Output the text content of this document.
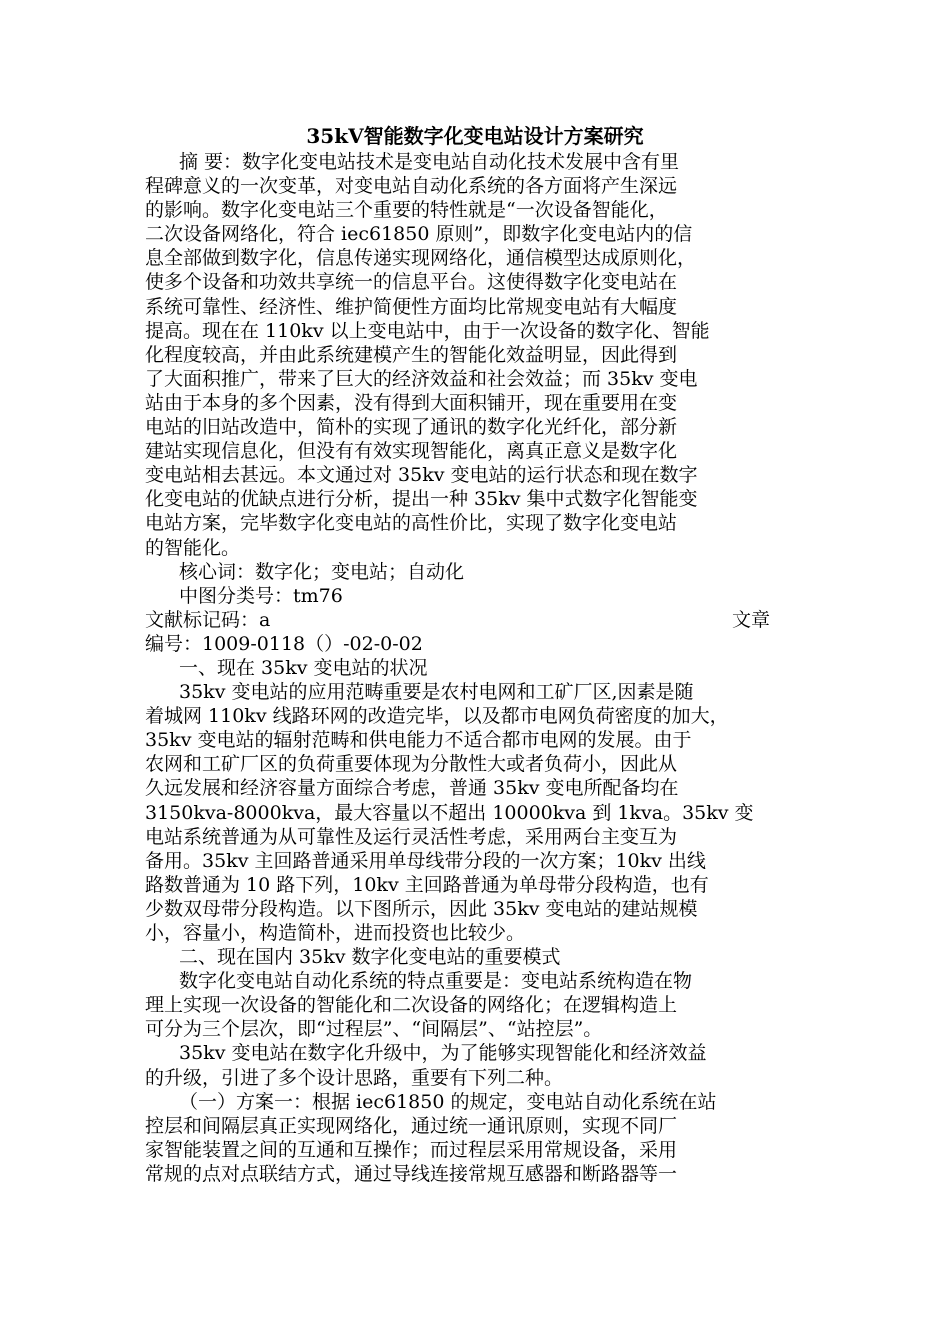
35kV智能数字化变电站设计方案研究
摘 要：数字化变电站技术是变电站自动化技术发展中含有里
程碑意义的一次变革，对变电站自动化系统的各方面将产生深远
的影响。数字化变电站三个重要的特性就是“一次设备智能化，
二次设备网络化，符合 iec61850 原则”，即数字化变电站内的信
息全部做到数字化，信息传递实现网络化，通信模型达成原则化，
使多个设备和功效共享统一的信息平台。这使得数字化变电站在
系统可靠性、经济性、维护简便性方面均比常规变电站有大幅度
提高。现在在 110kv 以上变电站中，由于一次设备的数字化、智能
化程度较高，并由此系统建模产生的智能化效益明显，因此得到
了大面积推广，带来了巨大的经济效益和社会效益；而 35kv 变电
站由于本身的多个因素，没有得到大面积铺开，现在重要用在变
电站的旧站改造中，简朴的实现了通讯的数字化光纤化，部分新
建站实现信息化，但没有有效实现智能化，离真正意义是数字化
变电站相去甚远。本文通过对 35kv 变电站的运行状态和现在数字
化变电站的优缺点进行分析，提出一种 35kv 集中式数字化智能变
电站方案，完毕数字化变电站的高性价比，实现了数字化变电站
的智能化。
核心词：数字化；变电站；自动化
中图分类号：tm76
文献标记码：a	文章
编号：1009-0118（）-02-0-02
一、现在 35kv 变电站的状况
35kv 变电站的应用范畴重要是农村电网和工矿厂区,因素是随
着城网 110kv 线路环网的改造完毕，以及都市电网负荷密度的加大，
35kv 变电站的辐射范畴和供电能力不适合都市电网的发展。由于
农网和工矿厂区的负荷重要体现为分散性大或者负荷小，因此从
久远发展和经济容量方面综合考虑，普通 35kv 变电所配备均在
3150kva-8000kva，最大容量以不超出 10000kva 到 1kva。35kv 变
电站系统普通为从可靠性及运行灵活性考虑，采用两台主变互为
备用。35kv 主回路普通采用单母线带分段的一次方案；10kv 出线
路数普通为 10 路下列，10kv 主回路普通为单母带分段构造，也有
少数双母带分段构造。以下图所示，因此 35kv 变电站的建站规模
小，容量小，构造简朴，进而投资也比较少。
二、现在国内 35kv 数字化变电站的重要模式
数字化变电站自动化系统的特点重要是：变电站系统构造在物
理上实现一次设备的智能化和二次设备的网络化；在逻辑构造上
可分为三个层次，即“过程层”、“间隔层”、“站控层”。
35kv 变电站在数字化升级中，为了能够实现智能化和经济效益
的升级，引进了多个设计思路，重要有下列二种。
（一）方案一：根据 iec61850 的规定，变电站自动化系统在站
控层和间隔层真正实现网络化，通过统一通讯原则，实现不同厂
家智能装置之间的互通和互操作；而过程层采用常规设备，采用
常规的点对点联结方式，通过导线连接常规互感器和断路器等一
